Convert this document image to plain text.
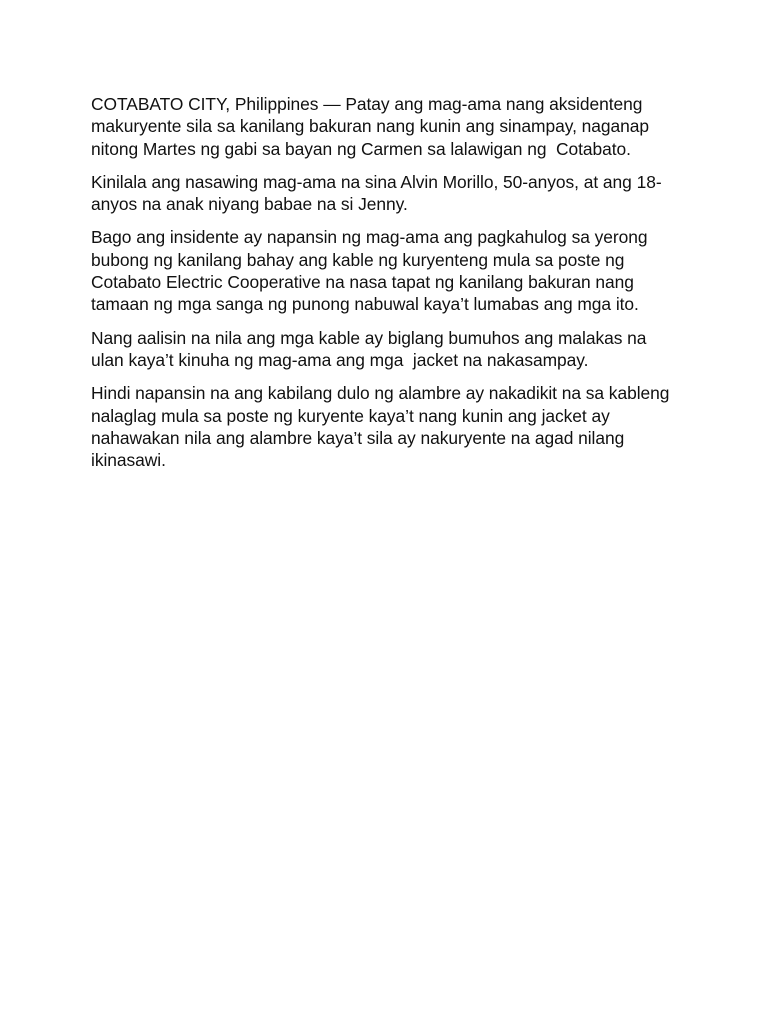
COTABATO CITY, Philippines — Patay ang mag-ama nang aksidenteng makuryente sila sa kanilang bakuran nang kunin ang sinampay, naganap nitong Martes ng gabi sa bayan ng Carmen sa lalawigan ng  Cotabato.

Kinilala ang nasawing mag-ama na sina Alvin Morillo, 50-anyos, at ang 18-anyos na anak niyang babae na si Jenny.

Bago ang insidente ay napansin ng mag-ama ang pagkahulog sa yerong bubong ng kanilang bahay ang kable ng kuryenteng mula sa poste ng Cotabato Electric Cooperative na nasa tapat ng kanilang bakuran nang tamaan ng mga sanga ng punong nabuwal kaya’t lumabas ang mga ito.

Nang aalisin na nila ang mga kable ay biglang bumuhos ang malakas na ulan kaya’t kinuha ng mag-ama ang mga  jacket na nakasampay.

Hindi napansin na ang kabilang dulo ng alambre ay nakadikit na sa kableng nalaglag mula sa poste ng kuryente kaya’t nang kunin ang jacket ay nahawakan nila ang alambre kaya’t sila ay nakuryente na agad nilang ikinasawi.
